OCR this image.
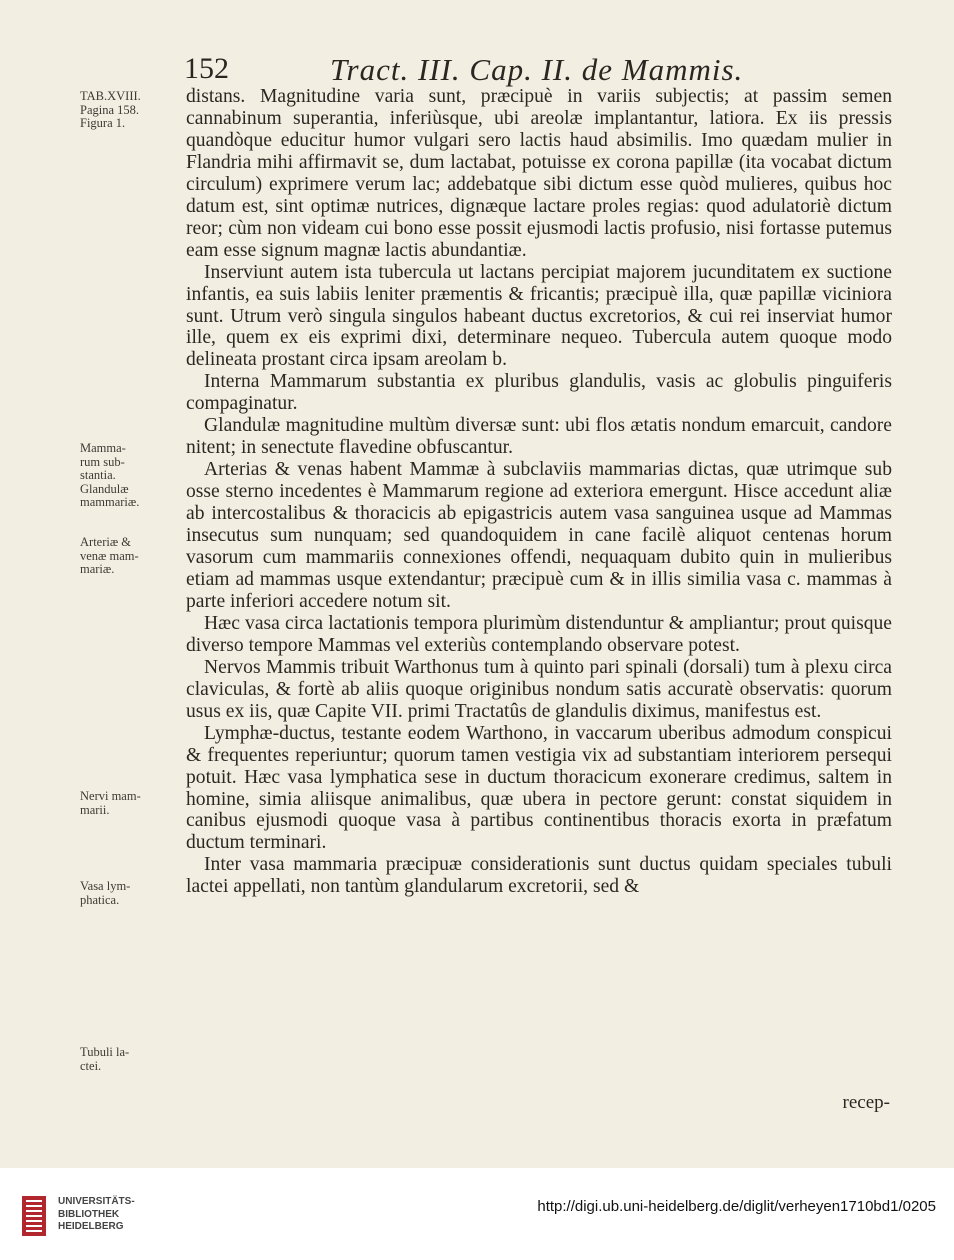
152	Tract. III. Cap. II. de Mammis.
TAB.XVIII.
Pagina 158.
Figura 1.
Mamma-
rum sub-
stantia.
Glandulæ
mammariæ.
Arteriæ &
venæ mam-
mariæ.
Nervi mam-
marii.
Vasa lym-
phatica.
Tubuli la-
ctei.

distans. Magnitudine varia sunt, præcipuè in variis subjectis; at passim semen cannabinum superantia, inferiùsque, ubi areolæ implantantur, latiora. Ex iis pressis quandòque educitur humor vulgari sero lactis haud absimilis. Imo quædam mulier in Flandria mihi affirmavit se, dum lactabat, potuisse ex corona papillæ (ita vocabat dictum circulum) exprimere verum lac; addebatque sibi dictum esse quòd mulieres, quibus hoc datum est, sint optimæ nutrices, dignæque lactare proles regias: quod adulatoriè dictum reor; cùm non videam cui bono esse possit ejusmodi lactis profusio, nisi fortasse putemus eam esse signum magnæ lactis abundantiæ.

Inserviunt autem ista tubercula ut lactans percipiat majorem jucunditatem ex suctione infantis, ea suis labiis leniter præmentis & fricantis; præcipuè illa, quæ papillæ viciniora sunt. Utrum verò singula singulos habeant ductus excretorios, & cui rei inserviat humor ille, quem ex eis exprimi dixi, determinare nequeo. Tubercula autem quoque modo delineata prostant circa ipsam areolam b.

Interna Mammarum substantia ex pluribus glandulis, vasis ac globulis pinguiferis compaginatur.

Glandulæ magnitudine multùm diversæ sunt: ubi flos ætatis nondum emarcuit, candore nitent; in senectute flavedine obfuscantur.

Arterias & venas habent Mammæ à subclaviis mammarias dictas, quæ utrimque sub osse sterno incedentes è Mammarum regione ad exteriora emergunt. Hisce accedunt aliæ ab intercostalibus & thoracicis ab epigastricis autem vasa sanguinea usque ad Mammas insecutus sum nunquam; sed quandoquidem in cane facilè aliquot centenas horum vasorum cum mammariis connexiones offendi, nequaquam dubito quin in mulieribus etiam ad mammas usque extendantur; præcipuè cum & in illis similia vasa c. mammas à parte inferiori accedere notum sit.

Hæc vasa circa lactationis tempora plurimùm distenduntur & ampliantur; prout quisque diverso tempore Mammas vel exteriùs contemplando observare potest.

Nervos Mammis tribuit Warthonus tum à quinto pari spinali (dorsali) tum à plexu circa claviculas, & fortè ab aliis quoque originibus nondum satis accuratè observatis: quorum usus ex iis, quæ Capite VII. primi Tractatûs de glandulis diximus, manifestus est.

Lymphæ-ductus, testante eodem Warthono, in vaccarum uberibus admodum conspicui & frequentes reperiuntur; quorum tamen vestigia vix ad substantiam interiorem persequi potuit. Hæc vasa lymphatica sese in ductum thoracicum exonerare credimus, saltem in homine, simia aliisque animalibus, quæ ubera in pectore gerunt: constat siquidem in canibus ejusmodi quoque vasa à partibus continentibus thoracis exorta in præfatum ductum terminari.

Inter vasa mammaria præcipuæ considerationis sunt ductus quidam speciales tubuli lactei appellati, non tantùm glandularum excretorii, sed &

recep-
UNIVERSITÄTS-
BIBLIOTHEK
HEIDELBERG
http://digi.ub.uni-heidelberg.de/diglit/verheyen1710bd1/0205
